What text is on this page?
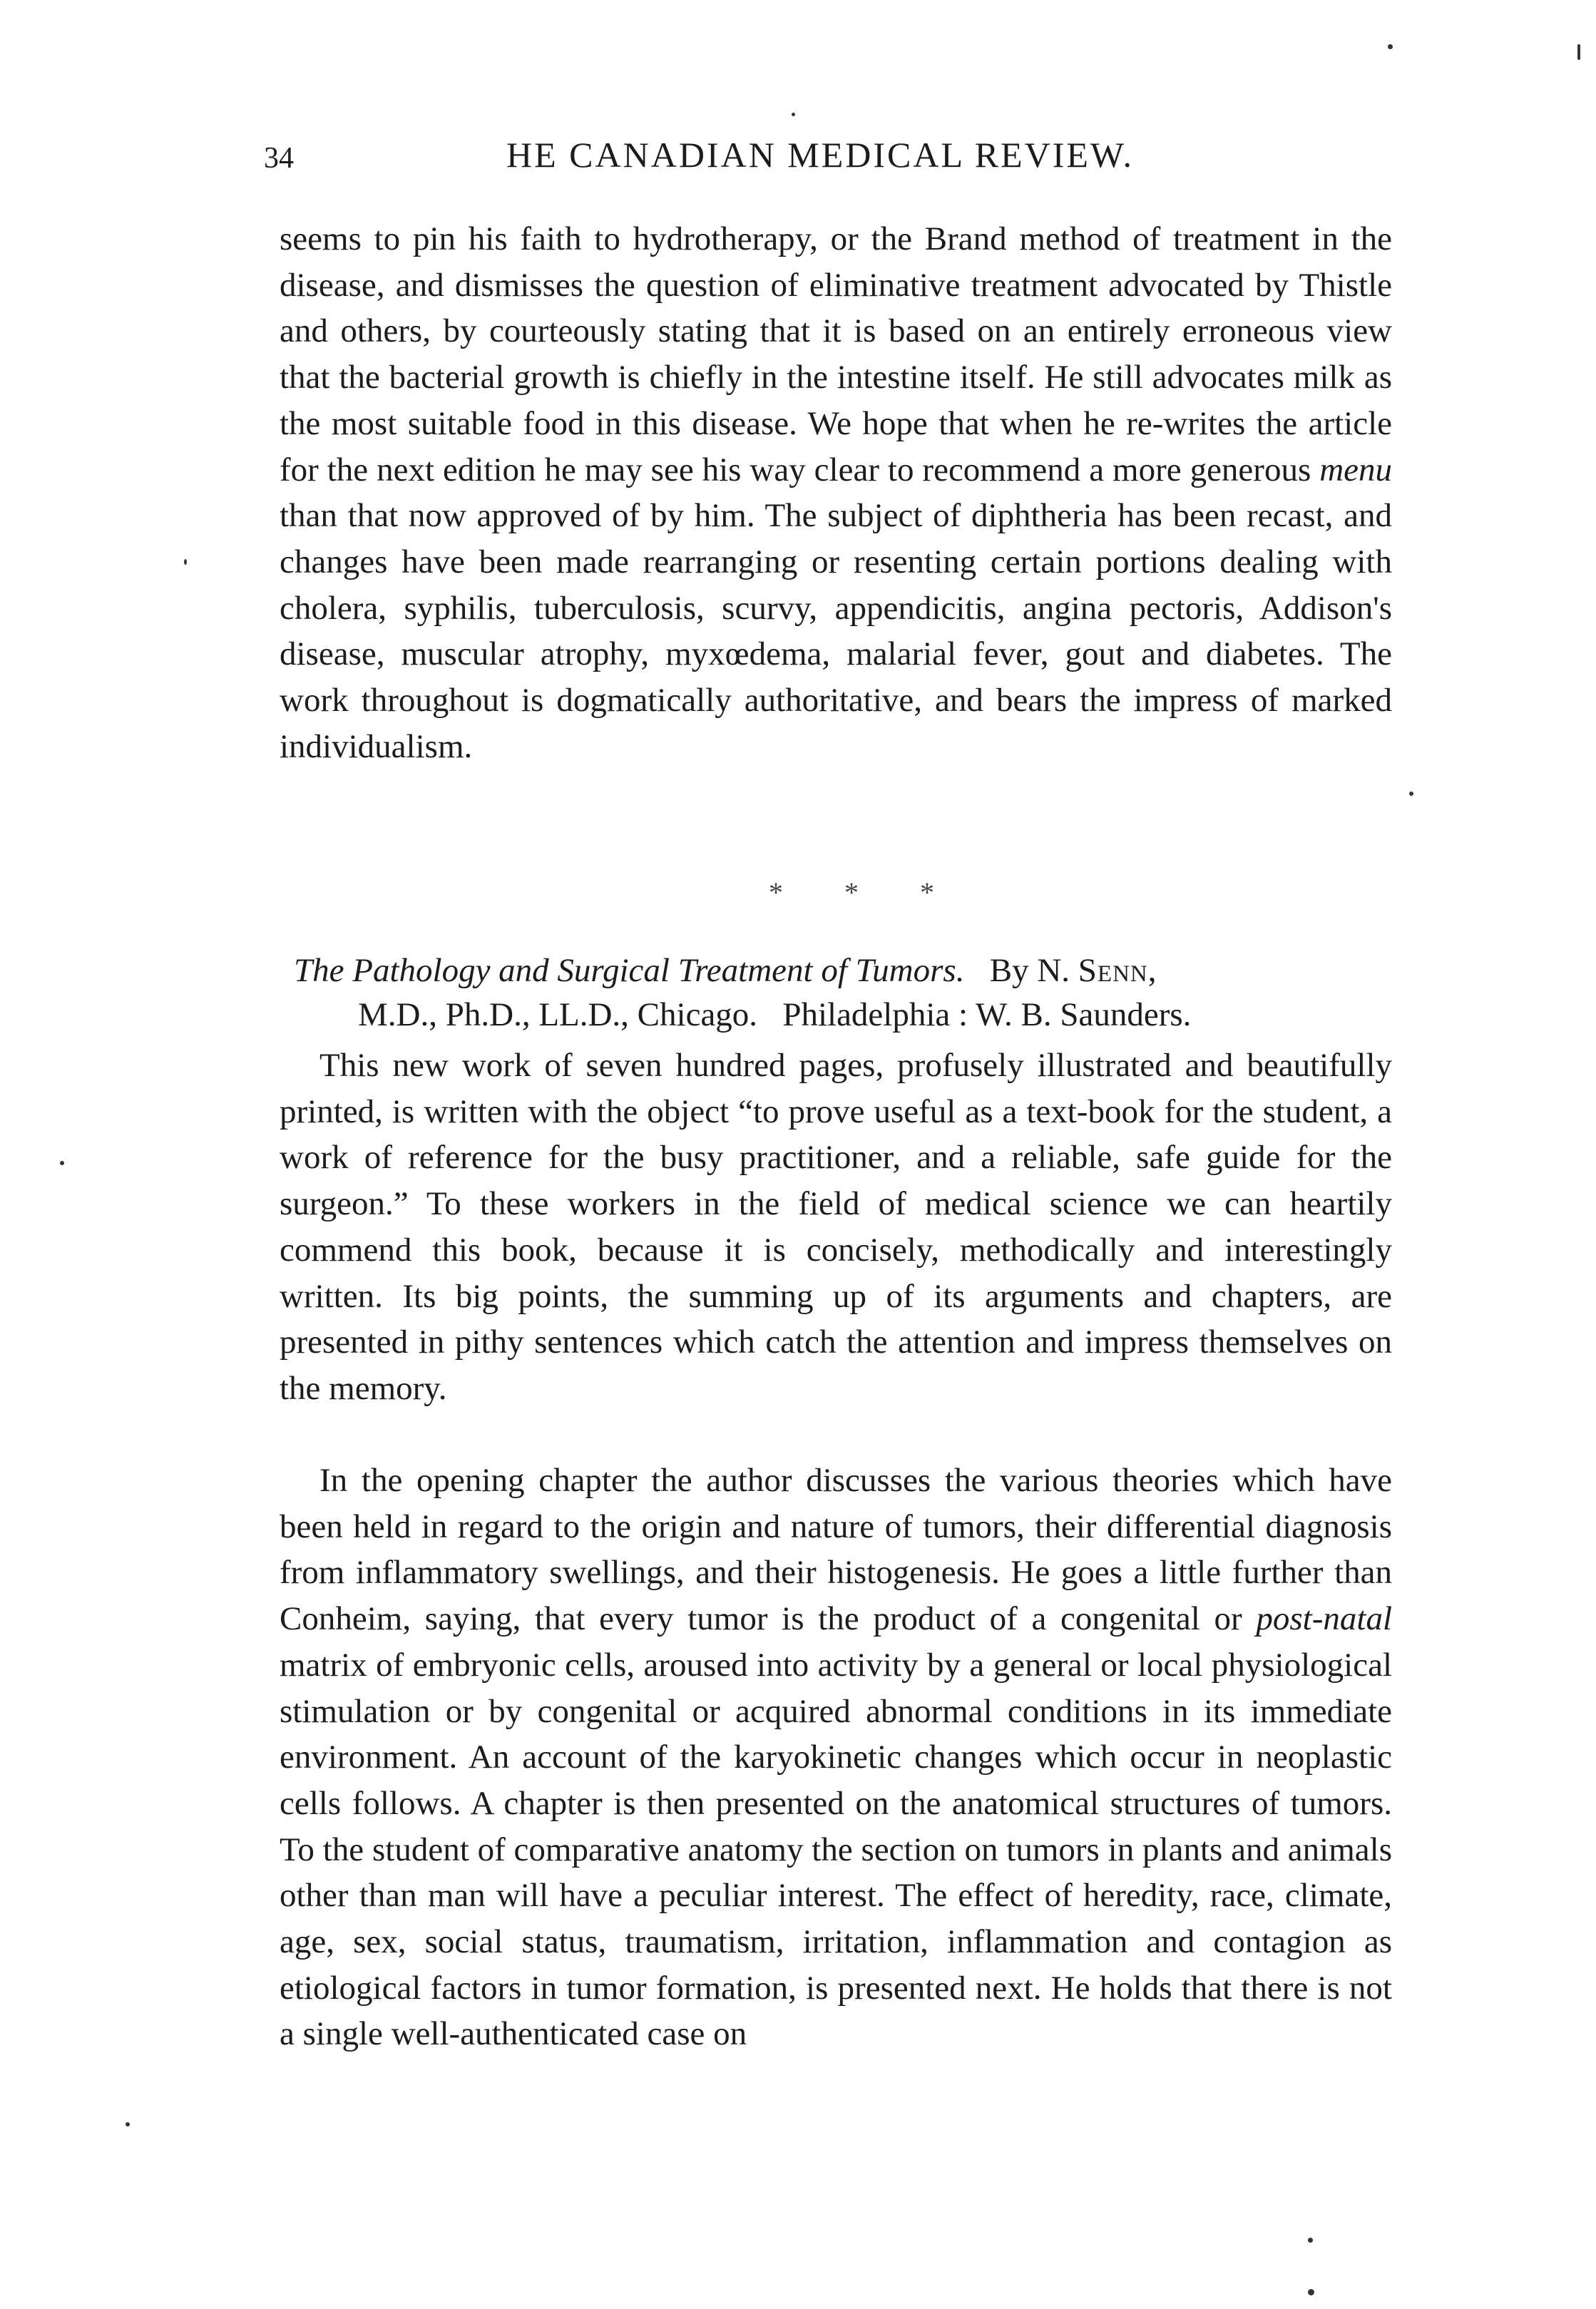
34	HE CANADIAN MEDICAL REVIEW.

seems to pin his faith to hydrotherapy, or the Brand method of treatment in the disease, and dismisses the question of eliminative treatment advocated by Thistle and others, by courteously stating that it is based on an entirely erroneous view that the bacterial growth is chiefly in the intestine itself. He still advocates milk as the most suitable food in this disease. We hope that when he re-writes the article for the next edition he may see his way clear to recommend a more generous menu than that now approved of by him. The subject of diphtheria has been recast, and changes have been made rearranging or resenting certain portions dealing with cholera, syphilis, tuberculosis, scurvy, appendicitis, angina pectoris, Addison's disease, muscular atrophy, myxœdema, malarial fever, gout and diabetes. The work throughout is dogmatically authoritative, and bears the impress of marked individualism.

* * *
The Pathology and Surgical Treatment of Tumors. By N. Senn,
M.D., Ph.D., LL.D., Chicago. Philadelphia : W. B. Saunders.

This new work of seven hundred pages, profusely illustrated and beautifully printed, is written with the object “to prove useful as a text-book for the student, a work of reference for the busy practitioner, and a reliable, safe guide for the surgeon.” To these workers in the field of medical science we can heartily commend this book, because it is concisely, methodically and interestingly written. Its big points, the summing up of its arguments and chapters, are presented in pithy sentences which catch the attention and impress themselves on the memory.

In the opening chapter the author discusses the various theories which have been held in regard to the origin and nature of tumors, their differential diagnosis from inflammatory swellings, and their histogenesis. He goes a little further than Conheim, saying, that every tumor is the product of a congenital or post-natal matrix of embryonic cells, aroused into activity by a general or local physiological stimulation or by congenital or acquired abnormal conditions in its immediate environment. An account of the karyokinetic changes which occur in neoplastic cells follows. A chapter is then presented on the anatomical structures of tumors. To the student of comparative anatomy the section on tumors in plants and animals other than man will have a peculiar interest. The effect of heredity, race, climate, age, sex, social status, traumatism, irritation, inflammation and contagion as etiological factors in tumor formation, is presented next. He holds that there is not a single well-authenticated case on
